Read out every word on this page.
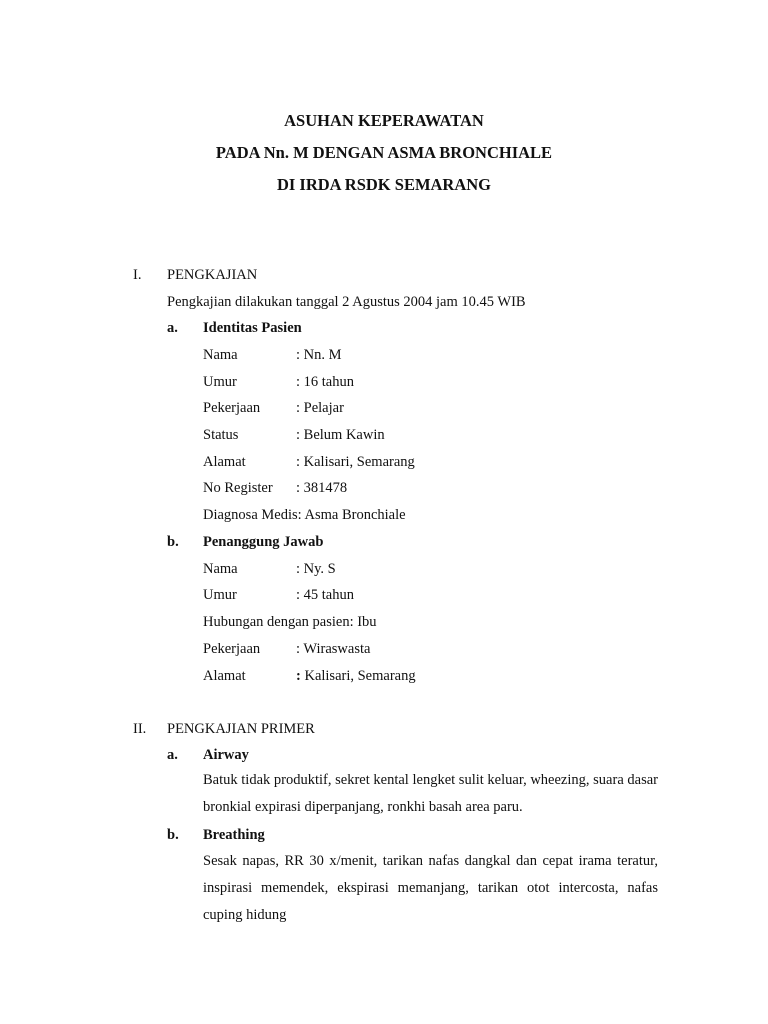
ASUHAN KEPERAWATAN
PADA Nn. M DENGAN ASMA BRONCHIALE
DI IRDA RSDK SEMARANG
I. PENGKAJIAN
Pengkajian dilakukan tanggal 2 Agustus 2004 jam 10.45 WIB
a. Identitas Pasien
Nama	: Nn. M
Umur	: 16 tahun
Pekerjaan : Pelajar
Status	: Belum Kawin
Alamat	: Kalisari, Semarang
No Register : 381478
Diagnosa Medis: Asma Bronchiale
b. Penanggung Jawab
Nama	: Ny. S
Umur	: 45 tahun
Hubungan dengan pasien: Ibu
Pekerjaan : Wiraswasta
Alamat	: Kalisari, Semarang
II. PENGKAJIAN PRIMER
a. Airway
Batuk tidak produktif, sekret kental lengket sulit keluar, wheezing, suara dasar bronkial expirasi diperpanjang, ronkhi basah area paru.
b. Breathing
Sesak napas, RR 30 x/menit, tarikan nafas dangkal dan cepat irama teratur, inspirasi memendek, ekspirasi memanjang, tarikan otot intercosta, nafas cuping hidung
